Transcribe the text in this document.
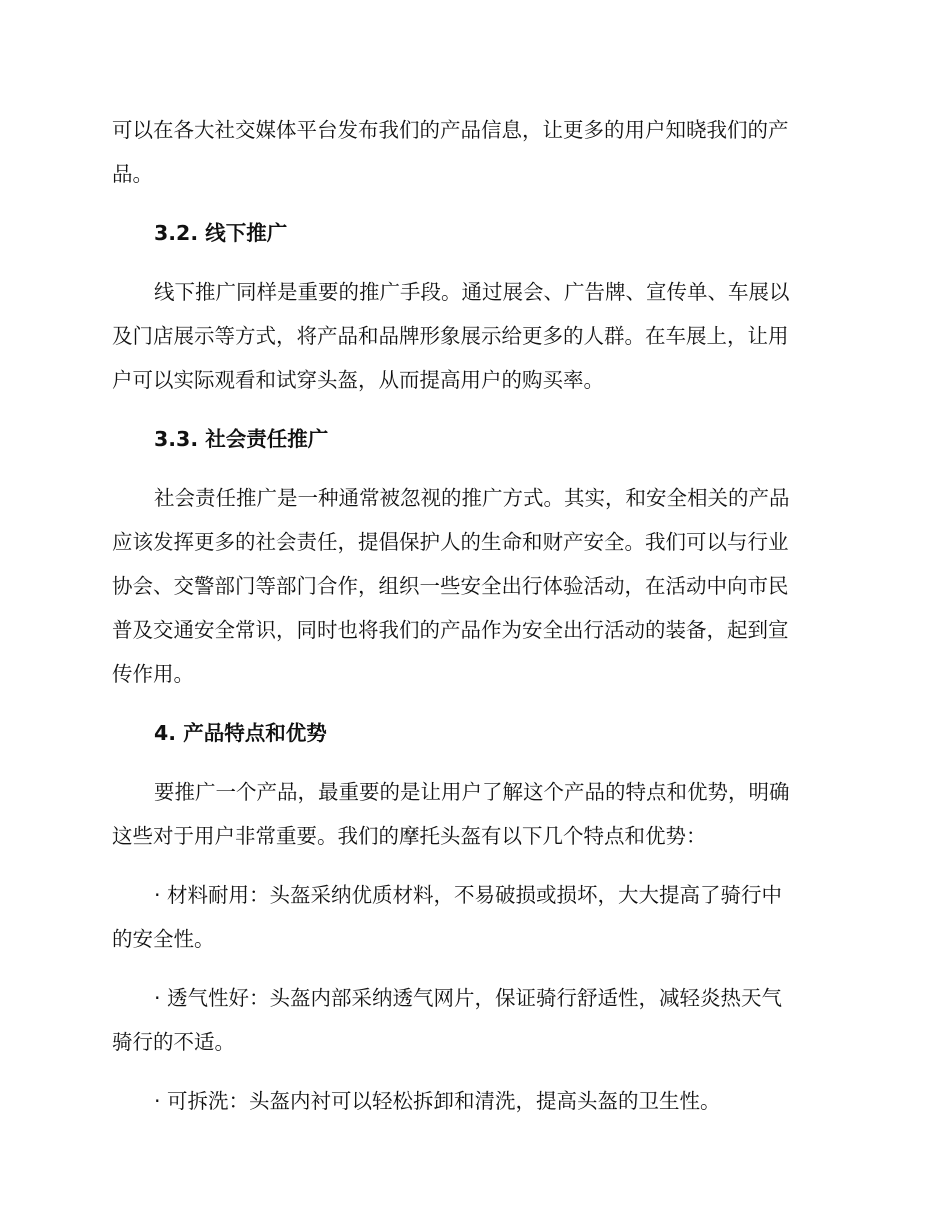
可以在各大社交媒体平台发布我们的产品信息，让更多的用户知晓我们的产
品。
3.2. 线下推广
线下推广同样是重要的推广手段。通过展会、广告牌、宣传单、车展以
及门店展示等方式，将产品和品牌形象展示给更多的人群。在车展上，让用
户可以实际观看和试穿头盔，从而提高用户的购买率。
3.3. 社会责任推广
社会责任推广是一种通常被忽视的推广方式。其实，和安全相关的产品
应该发挥更多的社会责任，提倡保护人的生命和财产安全。我们可以与行业
协会、交警部门等部门合作，组织一些安全出行体验活动，在活动中向市民
普及交通安全常识，同时也将我们的产品作为安全出行活动的装备，起到宣
传作用。
4. 产品特点和优势
要推广一个产品，最重要的是让用户了解这个产品的特点和优势，明确
这些对于用户非常重要。我们的摩托头盔有以下几个特点和优势：
· 材料耐用：头盔采纳优质材料，不易破损或损坏，大大提高了骑行中
的安全性。
· 透气性好：头盔内部采纳透气网片，保证骑行舒适性，减轻炎热天气
骑行的不适。
· 可拆洗：头盔内衬可以轻松拆卸和清洗，提高头盔的卫生性。
